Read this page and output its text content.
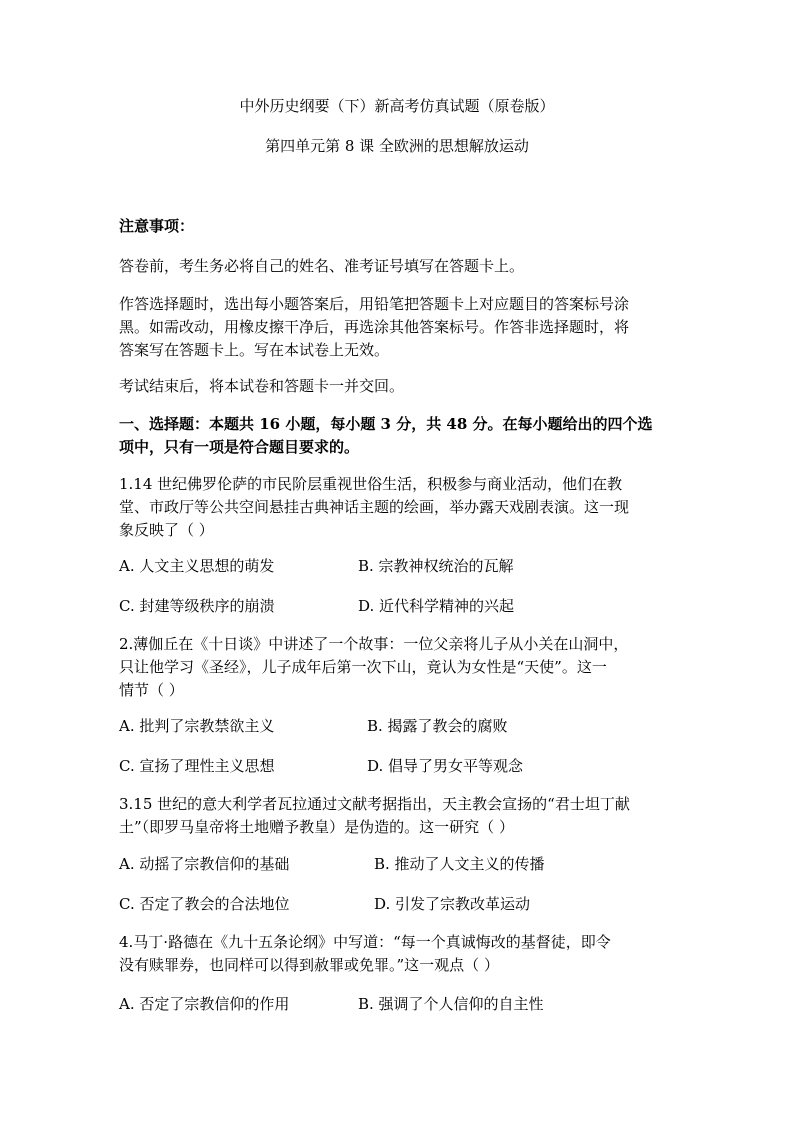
中外历史纲要（下）新高考仿真试题（原卷版）
第四单元第 8 课 全欧洲的思想解放运动
注意事项：
答卷前，考生务必将自己的姓名、准考证号填写在答题卡上。
作答选择题时，选出每小题答案后，用铅笔把答题卡上对应题目的答案标号涂
黑。如需改动，用橡皮擦干净后，再选涂其他答案标号。作答非选择题时，将
答案写在答题卡上。写在本试卷上无效。
考试结束后，将本试卷和答题卡一并交回。
一、选择题：本题共 16 小题，每小题 3 分，共 48 分。在每小题给出的四个选
项中，只有一项是符合题目要求的。
1.14 世纪佛罗伦萨的市民阶层重视世俗生活，积极参与商业活动，他们在教
堂、市政厅等公共空间悬挂古典神话主题的绘画，举办露天戏剧表演。这一现
象反映了（ ）
A. 人文主义思想的萌发	B. 宗教神权统治的瓦解
C. 封建等级秩序的崩溃	D. 近代科学精神的兴起
2.薄伽丘在《十日谈》中讲述了一个故事：一位父亲将儿子从小关在山洞中，
只让他学习《圣经》，儿子成年后第一次下山，竟认为女性是“天使”。这一
情节（ ）
A. 批判了宗教禁欲主义	B. 揭露了教会的腐败
C. 宣扬了理性主义思想	D. 倡导了男女平等观念
3.15 世纪的意大利学者瓦拉通过文献考据指出，天主教会宣扬的“君士坦丁献
土”（即罗马皇帝将土地赠予教皇）是伪造的。这一研究（ ）
A. 动摇了宗教信仰的基础	B. 推动了人文主义的传播
C. 否定了教会的合法地位	D. 引发了宗教改革运动
4.马丁·路德在《九十五条论纲》中写道：“每一个真诚悔改的基督徒，即令
没有赎罪券，也同样可以得到赦罪或免罪。”这一观点（ ）
A. 否定了宗教信仰的作用	B. 强调了个人信仰的自主性
